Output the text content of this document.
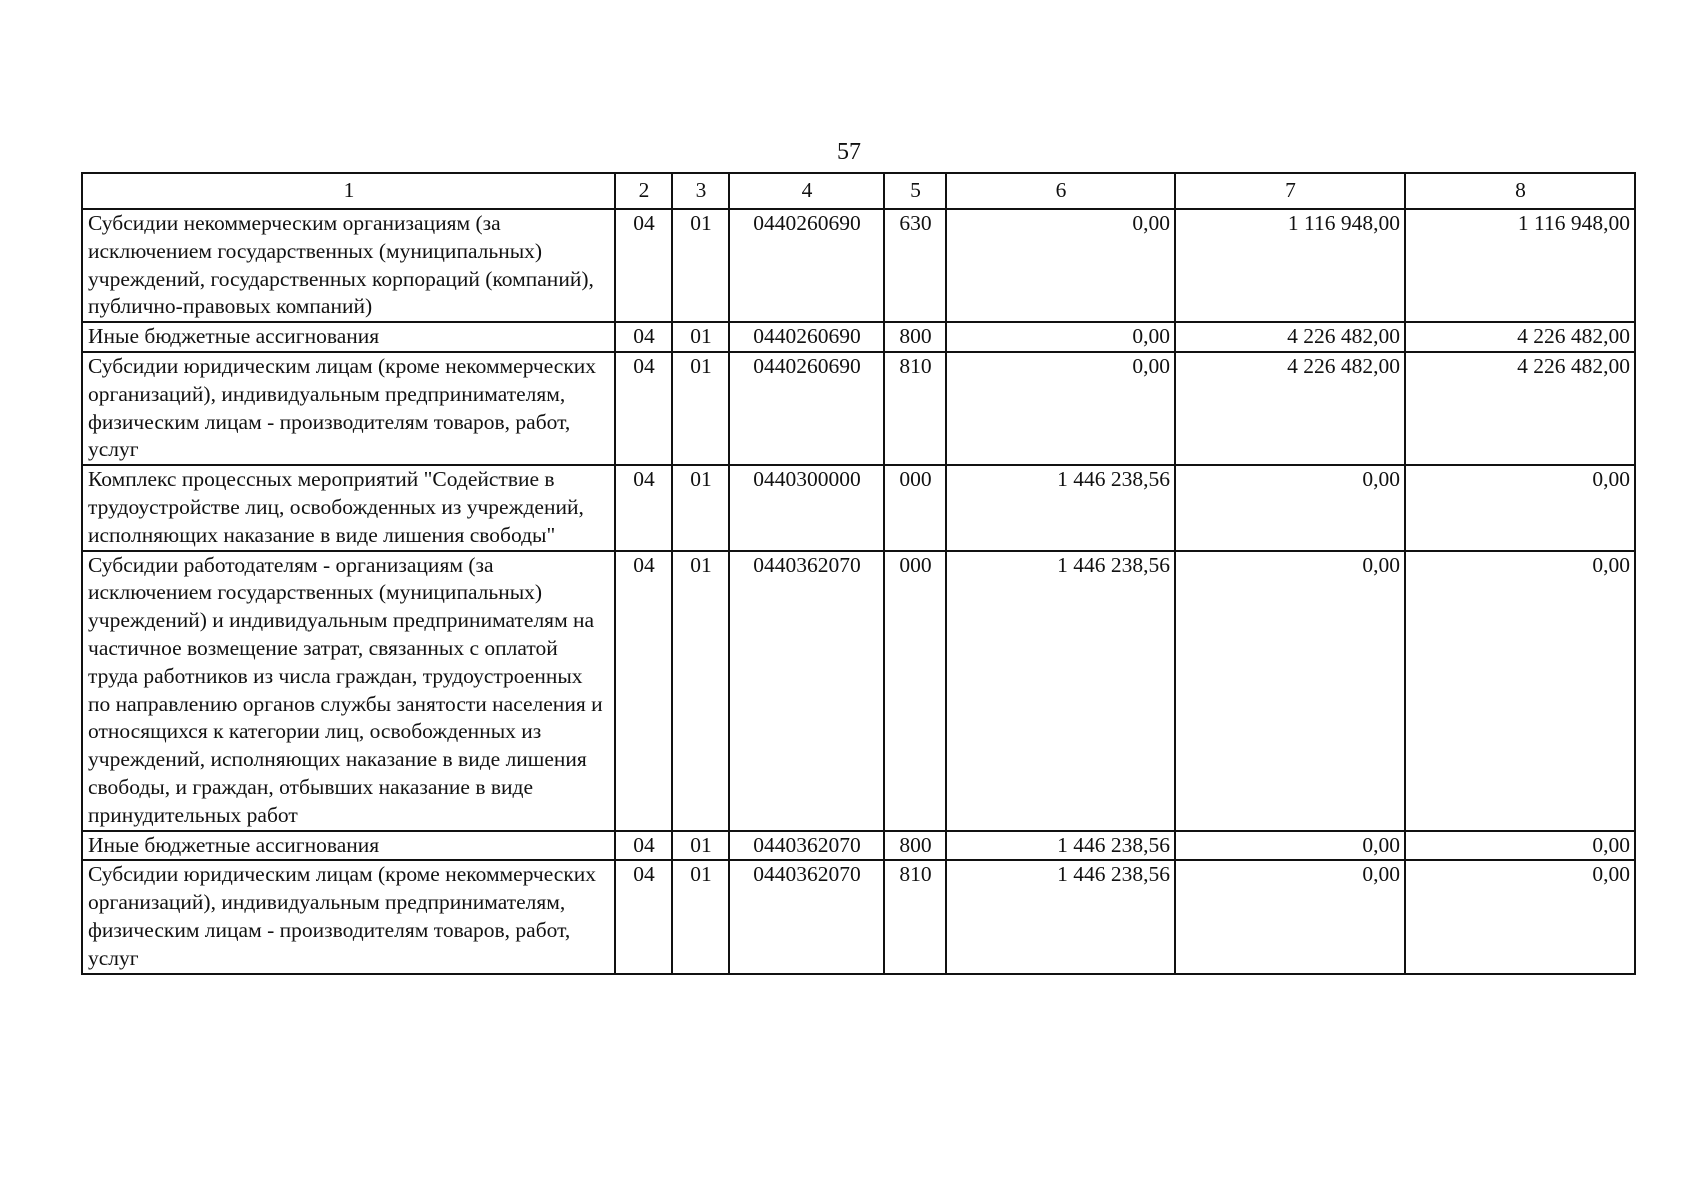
57
1	2	3	4	5	6	7	8
Субсидии некоммерческим организациям (за исключением государственных (муниципальных) учреждений, государственных корпораций (компаний), публично-правовых компаний)	04	01	0440260690	630	0,00	1 116 948,00	1 116 948,00
Иные бюджетные ассигнования	04	01	0440260690	800	0,00	4 226 482,00	4 226 482,00
Субсидии юридическим лицам (кроме некоммерческих организаций), индивидуальным предпринимателям, физическим лицам - производителям товаров, работ, услуг	04	01	0440260690	810	0,00	4 226 482,00	4 226 482,00
Комплекс процессных мероприятий "Содействие в трудоустройстве лиц, освобожденных из учреждений, исполняющих наказание в виде лишения свободы"	04	01	0440300000	000	1 446 238,56	0,00	0,00
Субсидии работодателям - организациям (за исключением государственных (муниципальных) учреждений) и индивидуальным предпринимателям на частичное возмещение затрат, связанных с оплатой труда работников из числа граждан, трудоустроенных по направлению органов службы занятости населения и относящихся к категории лиц, освобожденных из учреждений, исполняющих наказание в виде лишения свободы, и граждан, отбывших наказание в виде принудительных работ	04	01	0440362070	000	1 446 238,56	0,00	0,00
Иные бюджетные ассигнования	04	01	0440362070	800	1 446 238,56	0,00	0,00
Субсидии юридическим лицам (кроме некоммерческих организаций), индивидуальным предпринимателям, физическим лицам - производителям товаров, работ, услуг	04	01	0440362070	810	1 446 238,56	0,00	0,00
